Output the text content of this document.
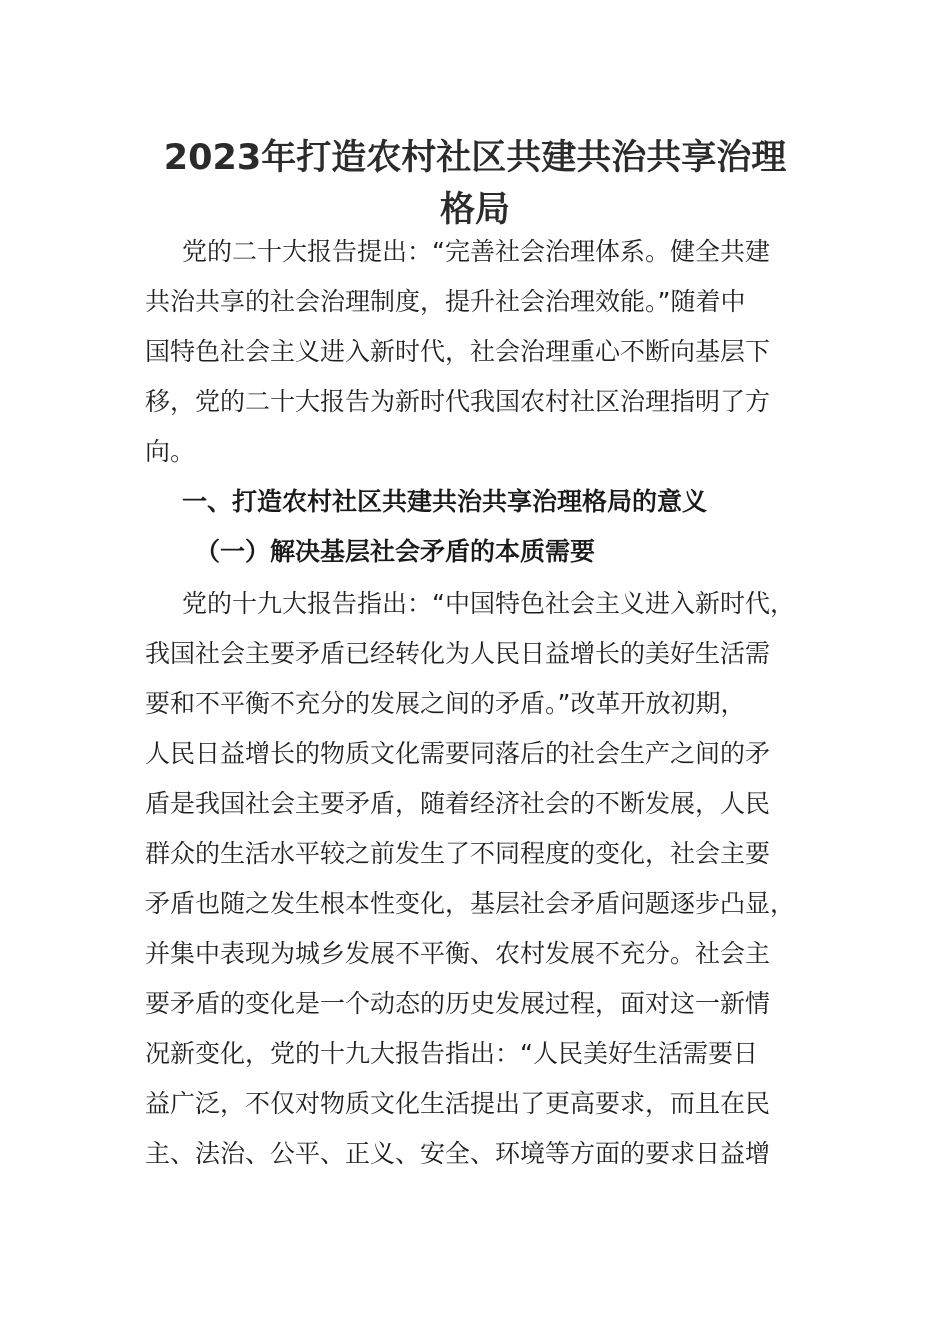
2023年打造农村社区共建共治共享治理
格局

党的二十大报告提出：“完善社会治理体系。健全共建

共治共享的社会治理制度，提升社会治理效能。”随着中

国特色社会主义进入新时代，社会治理重心不断向基层下

移，党的二十大报告为新时代我国农村社区治理指明了方

向。

一、打造农村社区共建共治共享治理格局的意义

（一）解决基层社会矛盾的本质需要

党的十九大报告指出：“中国特色社会主义进入新时代，

我国社会主要矛盾已经转化为人民日益增长的美好生活需

要和不平衡不充分的发展之间的矛盾。”改革开放初期，

人民日益增长的物质文化需要同落后的社会生产之间的矛

盾是我国社会主要矛盾，随着经济社会的不断发展，人民

群众的生活水平较之前发生了不同程度的变化，社会主要

矛盾也随之发生根本性变化，基层社会矛盾问题逐步凸显，

并集中表现为城乡发展不平衡、农村发展不充分。社会主

要矛盾的变化是一个动态的历史发展过程，面对这一新情

况新变化，党的十九大报告指出：“人民美好生活需要日

益广泛，不仅对物质文化生活提出了更高要求，而且在民

主、法治、公平、正义、安全、环境等方面的要求日益增
